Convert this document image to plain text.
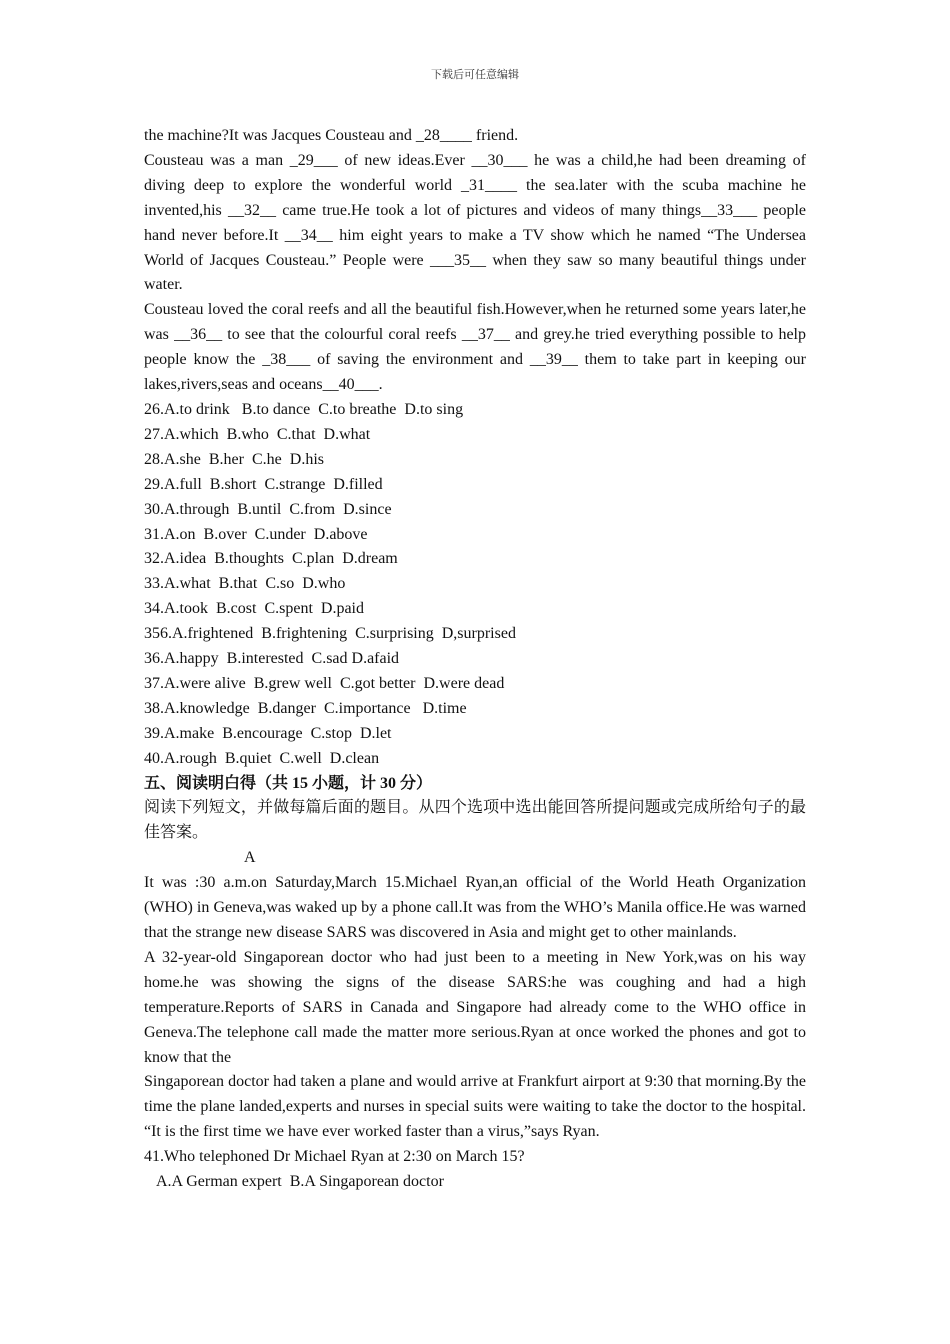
下载后可任意编辑

the machine?It was Jacques Cousteau and _28____ friend.

Cousteau was a man _29___ of new ideas.Ever __30___ he was a child,he had been dreaming of diving deep to explore the wonderful world _31____ the sea.later with the scuba machine he invented,his __32__ came true.He took a lot of pictures and videos of many things__33___ people hand never before.It __34__ him eight years to make a TV show which he named “The Undersea World of Jacques Cousteau.” People were ___35__ when they saw so many beautiful things under water.

Cousteau loved the coral reefs and all the beautiful fish.However,when he returned some years later,he was __36__ to see that the colourful coral reefs __37__ and grey.he tried everything possible to help people know the _38___ of saving the environment and __39__ them to take part in keeping our lakes,rivers,seas and oceans__40___.

26.A.to drink   B.to dance  C.to breathe  D.to sing

27.A.which  B.who  C.that  D.what

28.A.she  B.her  C.he  D.his

29.A.full  B.short  C.strange  D.filled

30.A.through  B.until  C.from  D.since

31.A.on  B.over  C.under  D.above

32.A.idea  B.thoughts  C.plan  D.dream

33.A.what  B.that  C.so  D.who

34.A.took  B.cost  C.spent  D.paid

356.A.frightened  B.frightening  C.surprising  D,surprised

36.A.happy  B.interested  C.sad D.afaid

37.A.were alive  B.grew well  C.got better  D.were dead

38.A.knowledge  B.danger  C.importance   D.time

39.A.make  B.encourage  C.stop  D.let

40.A.rough  B.quiet  C.well  D.clean

五、阅读明白得（共 15 小题，计 30 分）

阅读下列短文，并做每篇后面的题目。从四个选项中选出能回答所提问题或完成所给句子的最佳答案。

A

It was :30 a.m.on Saturday,March 15.Michael Ryan,an official of the World Heath Organization (WHO) in Geneva,was waked up by a phone call.It was from the WHO’s Manila office.He was warned that the strange new disease SARS was discovered in Asia and might get to other mainlands.

A 32-year-old Singaporean doctor who had just been to a meeting in New York,was on his way home.he was showing the signs of the disease SARS:he was coughing and had a high temperature.Reports of SARS in Canada and Singapore had already come to the WHO office in Geneva.The telephone call made the matter more serious.Ryan at once worked the phones and got to know that the

Singaporean doctor had taken a plane and would arrive at Frankfurt airport at 9:30 that morning.By the time the plane landed,experts and nurses in special suits were waiting to take the doctor to the hospital. “It is the first time we have ever worked faster than a virus,”says Ryan.

41.Who telephoned Dr Michael Ryan at 2:30 on March 15?

A.A German expert  B.A Singaporean doctor
